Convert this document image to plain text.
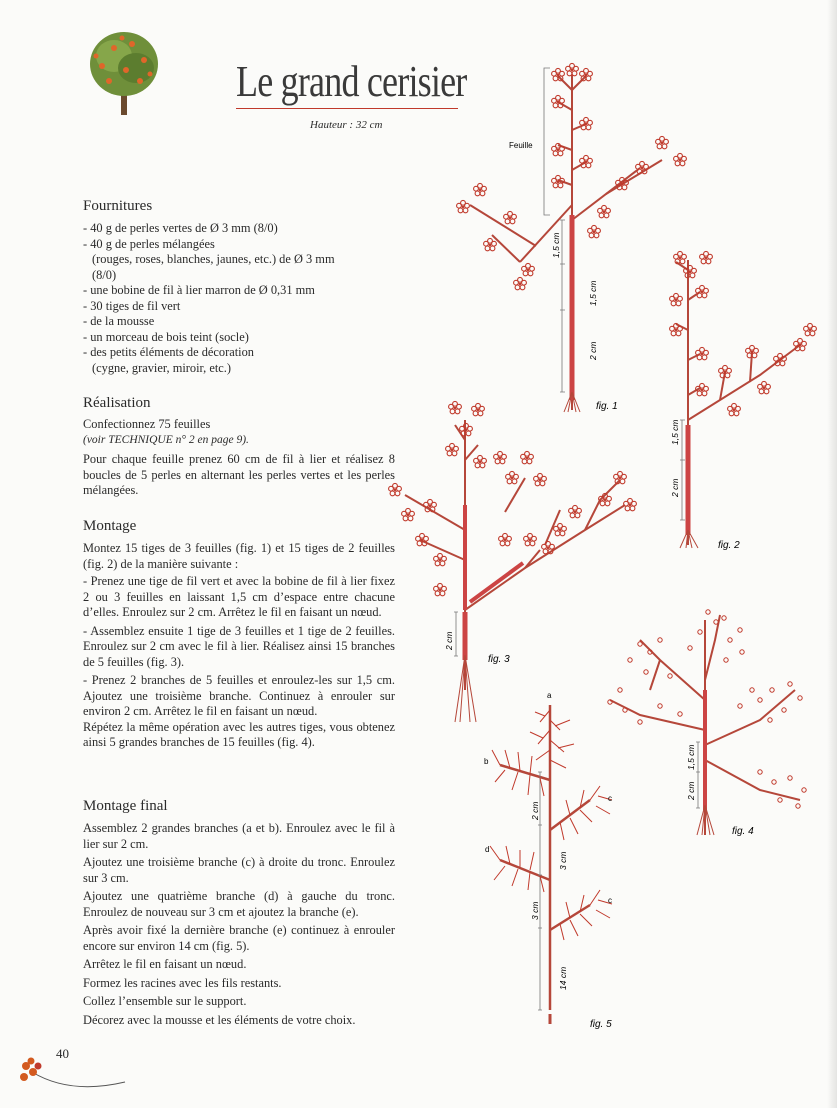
Le grand cerisier
Hauteur : 32 cm
Fournitures

- 40 g de perles vertes de Ø 3 mm (8/0)

- 40 g de perles mélangées

(rouges, roses, blanches, jaunes, etc.) de Ø 3 mm

(8/0)

- une bobine de fil à lier marron de Ø 0,31 mm

- 30 tiges de fil vert

- de la mousse

- un morceau de bois teint (socle)

- des petits éléments de décoration

(cygne, gravier, miroir, etc.)

Réalisation

Confectionnez 75 feuilles

(voir TECHNIQUE n° 2 en page 9).

Pour chaque feuille prenez 60 cm de fil à lier et réalisez 8 boucles de 5 perles en alternant les perles vertes et les perles mélangées.

Montage

Montez 15 tiges de 3 feuilles (fig. 1) et 15 tiges de 2 feuilles (fig. 2) de la manière suivante :

- Prenez une tige de fil vert et avec la bobine de fil à lier fixez 2 ou 3 feuilles en laissant 1,5 cm d’espace entre chacune d’elles. Enroulez sur 2 cm. Arrêtez le fil en faisant un nœud.

- Assemblez ensuite 1 tige de 3 feuilles et 1 tige de 2 feuilles. Enroulez sur 2 cm avec le fil à lier. Réalisez ainsi 15 branches de 5 feuilles (fig. 3).

- Prenez 2 branches de 5 feuilles et enroulez-les sur 1,5 cm. Ajoutez une troisième branche. Continuez à enrouler sur environ 2 cm. Arrêtez le fil en faisant un nœud.

Répétez la même opération avec les autres tiges, vous obtenez ainsi 5 grandes branches de 15 feuilles (fig. 4).

Montage final

Assemblez 2 grandes branches (a et b). Enroulez avec le fil à lier sur 2 cm.

Ajoutez une troisième branche (c) à droite du tronc. Enroulez sur 3 cm.

Ajoutez une quatrième branche (d) à gauche du tronc. Enroulez de nouveau sur 3 cm et ajoutez la branche (e).

Après avoir fixé la dernière branche (e) continuez à enrouler encore sur environ 14 cm (fig. 5).

Arrêtez le fil en faisant un nœud.

Formez les racines avec les fils restants.

Collez l’ensemble sur le support.

Décorez avec la mousse et les éléments de votre choix.

Feuille
1,5 cm
1,5 cm
2 cm
fig. 1
1,5 cm
2 cm
fig. 2
2 cm
fig. 3
1,5 cm
2 cm
fig. 4
a
b
c
d
c
2 cm
3 cm
3 cm
14 cm
fig. 5
40
